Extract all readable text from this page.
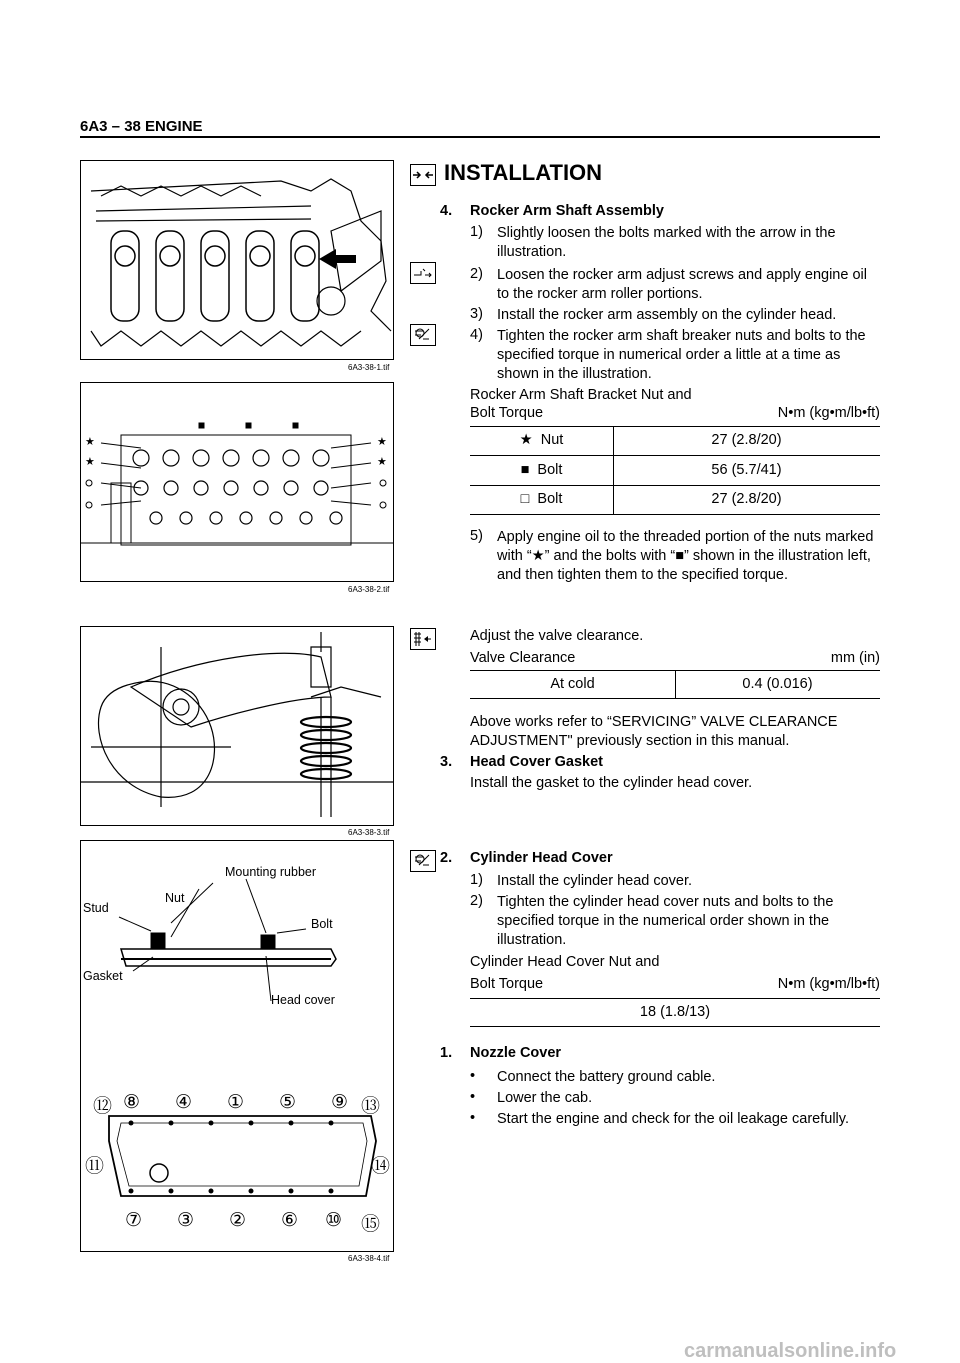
6A3 – 38 ENGINE
6A3-38-1.tif
★
★
★
★
6A3-38-2.tif
6A3-38-3.tif
Mounting rubber
Stud
Nut
Bolt
Gasket
Head cover
⑫ ⑧ ④ ① ⑤ ⑨ ⑬
⑪	⑭
⑦ ③ ② ⑥ ⑩ ⑮
6A3-38-4.tif
INSTALLATION
4. Rocker Arm Shaft Assembly
1) Slightly loosen the bolts marked with the arrow in the illustration.
2) Loosen the rocker arm adjust screws and apply engine oil to the rocker arm roller portions.
3) Install the rocker arm assembly on the cylinder head.
4) Tighten the rocker arm shaft breaker nuts and bolts to the specified torque in numerical order a little at a time as shown in the illustration.
Rocker Arm Shaft Bracket Nut and
Bolt Torque	N•m (kg•m/lb•ft)
★ Nut	27 (2.8/20)
■ Bolt	56 (5.7/41)
□ Bolt	27 (2.8/20)
5) Apply engine oil to the threaded portion of the nuts marked with “★” and the bolts with “■” shown in the illustration left, and then tighten them to the specified torque.
Adjust the valve clearance.
Valve Clearance	mm (in)
At cold	0.4 (0.016)
Above works refer to “SERVICING” VALVE CLEARANCE ADJUSTMENT" previously section in this manual.
3. Head Cover Gasket
Install the gasket to the cylinder head cover.
2. Cylinder Head Cover
1) Install the cylinder head cover.
2) Tighten the cylinder head cover nuts and bolts to the specified torque in the numerical order shown in the illustration.
Cylinder Head Cover Nut and
Bolt Torque	N•m (kg•m/lb•ft)
18 (1.8/13)
1. Nozzle Cover
• Connect the battery ground cable.
• Lower the cab.
• Start the engine and check for the oil leakage carefully.
carmanualsonline.info
